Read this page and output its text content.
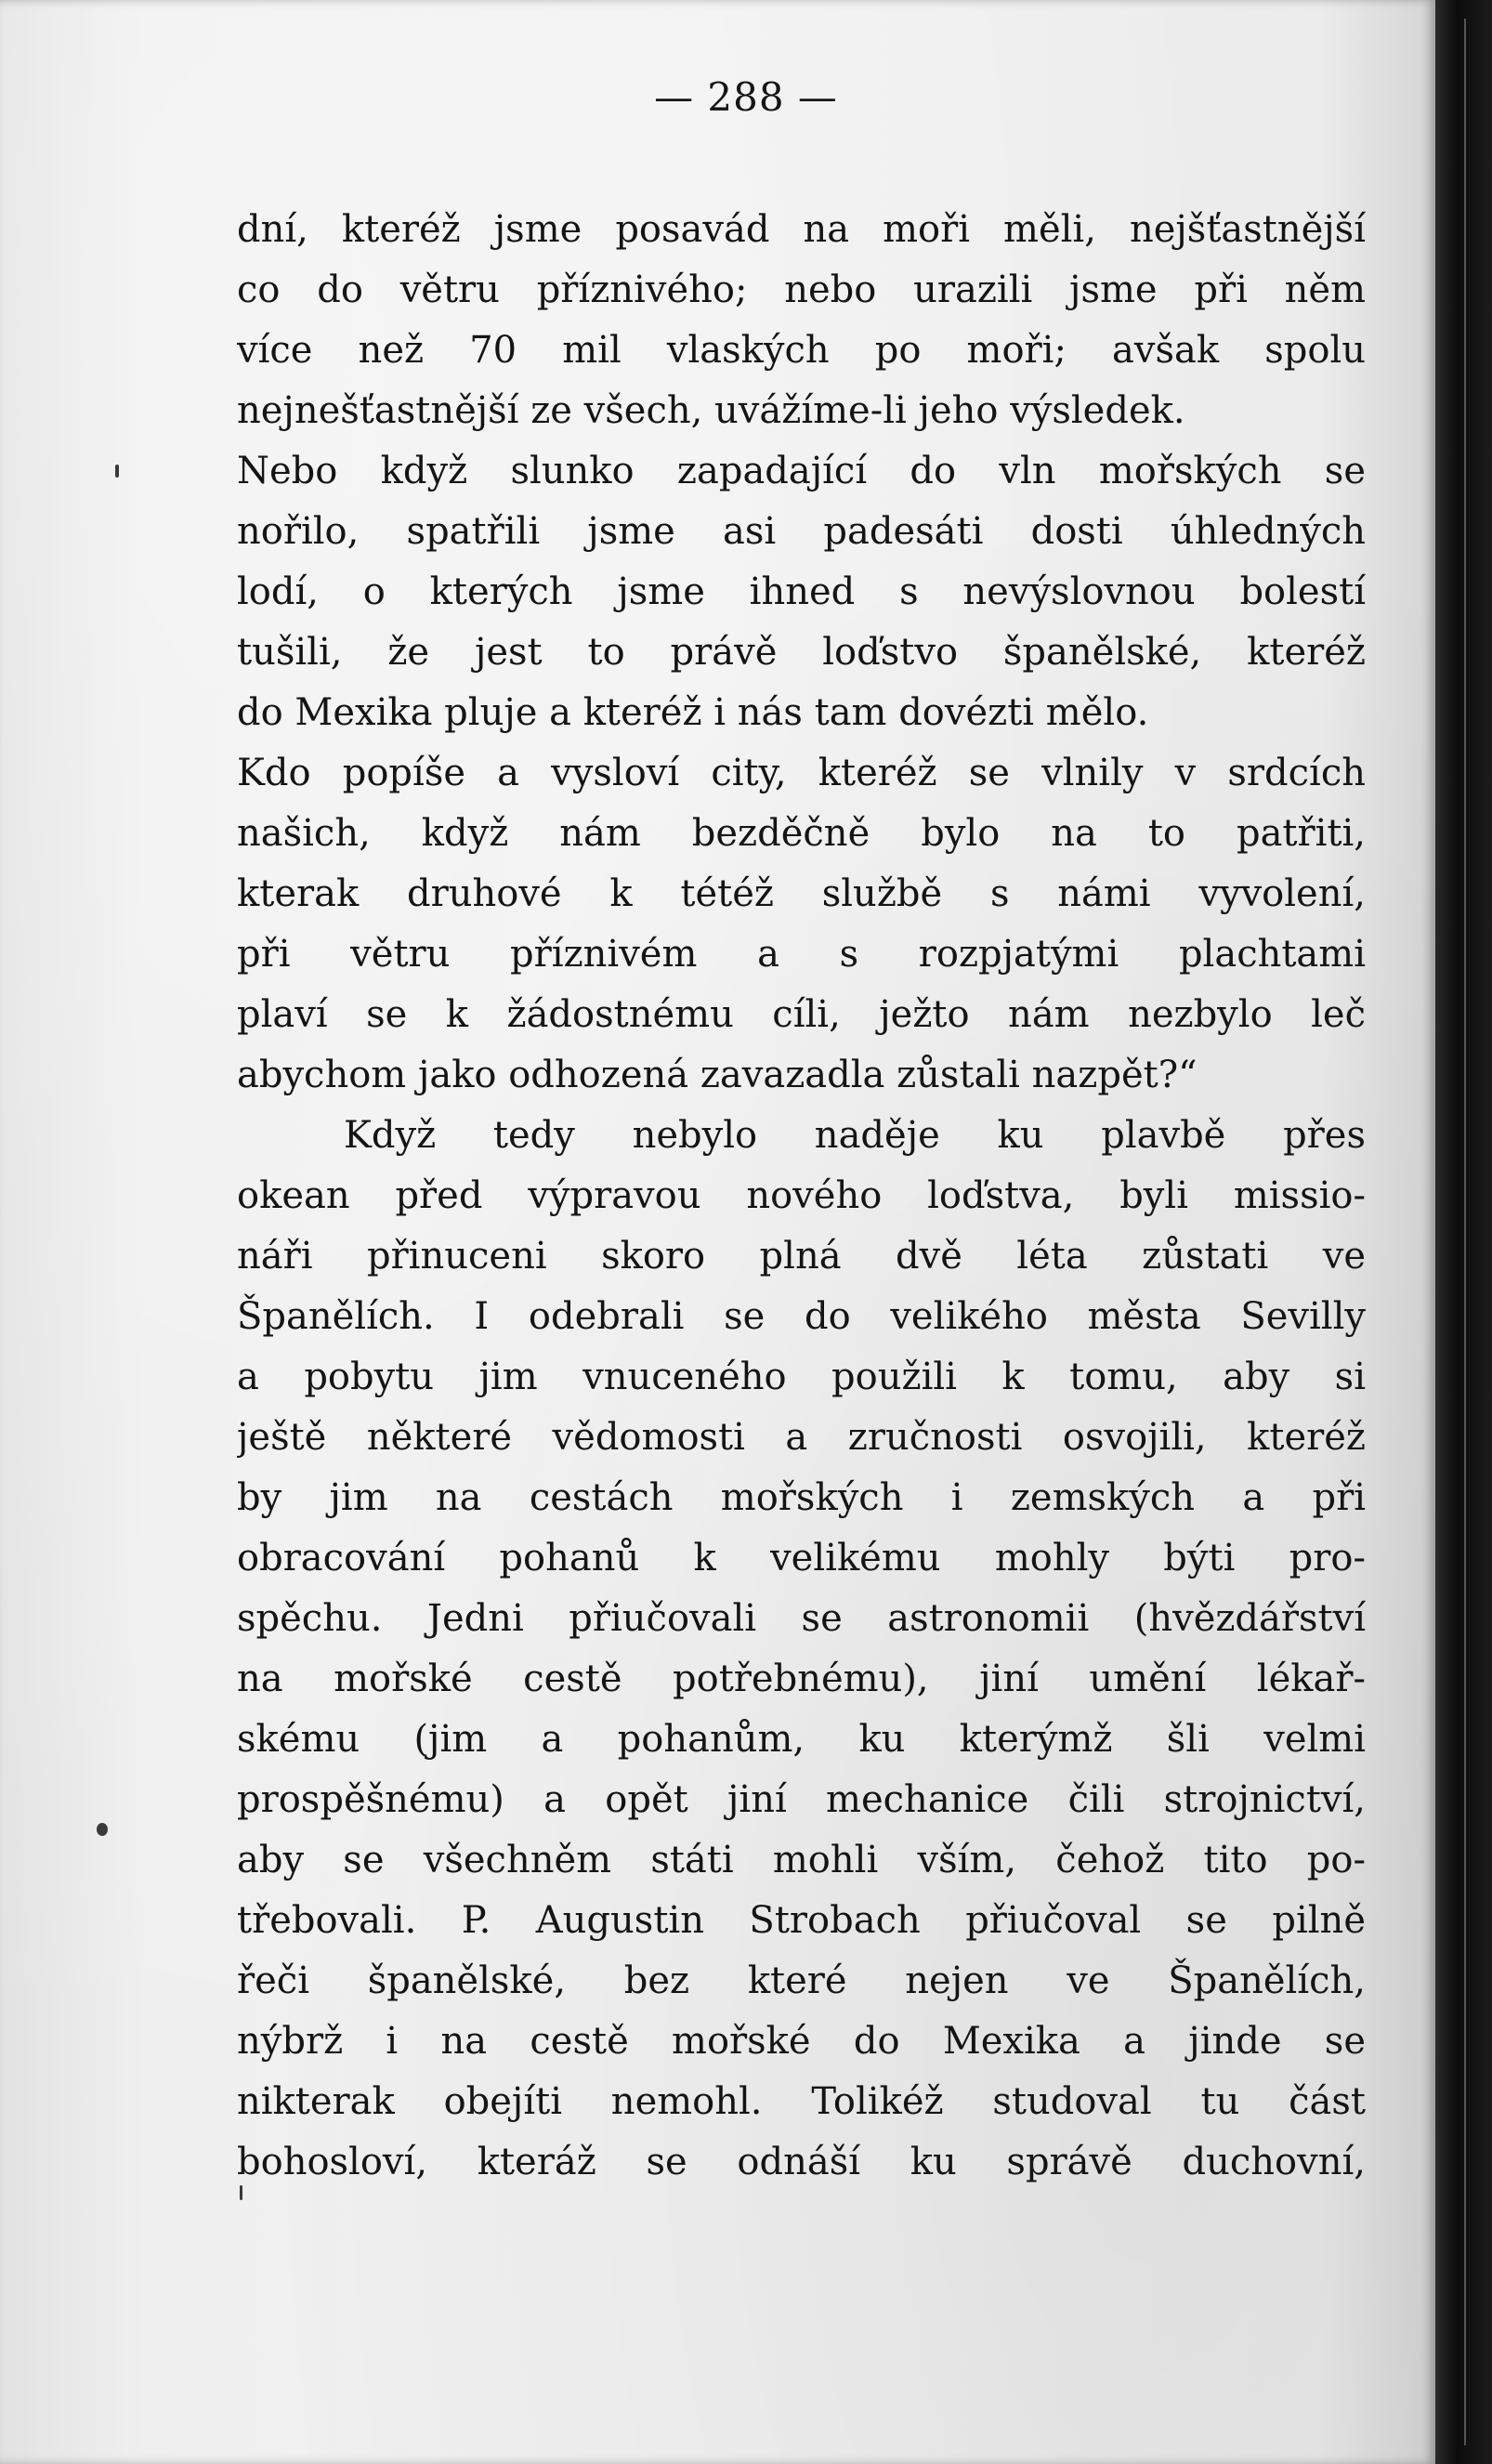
— 288 —
dní, kteréž jsme posavád na moři měli, nejšťastnější
co do větru příznivého; nebo urazili jsme při něm
více než 70 mil vlaských po moři; avšak spolu
nejnešťastnější ze všech, uvážíme-li jeho výsledek.
Nebo když slunko zapadající do vln mořských se
nořilo, spatřili jsme asi padesáti dosti úhledných
lodí, o kterých jsme ihned s nevýslovnou bolestí
tušili, že jest to právě loďstvo španělské, kteréž
do Mexika pluje a kteréž i nás tam dovézti mělo.
Kdo popíše a vysloví city, kteréž se vlnily v srdcích
našich, když nám bezděčně bylo na to patřiti,
kterak druhové k tétéž službě s námi vyvolení,
při větru příznivém a s rozpjatými plachtami
plaví se k žádostnému cíli, ježto nám nezbylo leč
abychom jako odhozená zavazadla zůstali nazpět?“
Když tedy nebylo naděje ku plavbě přes
okean před výpravou nového loďstva, byli missio-
náři přinuceni skoro plná dvě léta zůstati ve
Španělích. I odebrali se do velikého města Sevilly
a pobytu jim vnuceného použili k tomu, aby si
ještě některé vědomosti a zručnosti osvojili, kteréž
by jim na cestách mořských i zemských a při
obracování pohanů k velikému mohly býti pro-
spěchu. Jedni přiučovali se astronomii (hvězdářství
na mořské cestě potřebnému), jiní umění lékař-
skému (jim a pohanům, ku kterýmž šli velmi
prospěšnému) a opět jiní mechanice čili strojnictví,
aby se všechněm státi mohli vším, čehož tito po-
třebovali. P. Augustin Strobach přiučoval se pilně
řeči španělské, bez které nejen ve Španělích,
nýbrž i na cestě mořské do Mexika a jinde se
nikterak obejíti nemohl. Tolikéž studoval tu část
bohosloví, kteráž se odnáší ku správě duchovní,
